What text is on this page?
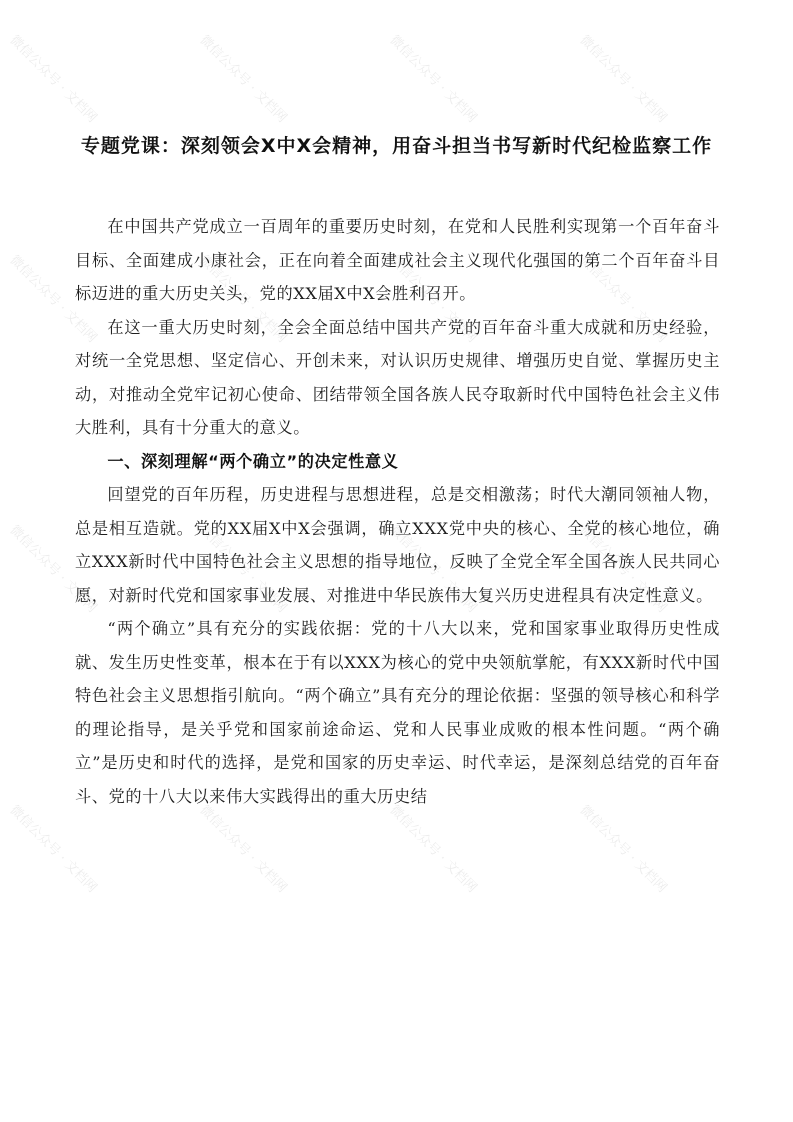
微信公众号 · 文档网	微信公众号 · 文档网	微信公众号 · 文档网	微信公众号 · 文档网
微信公众号 · 文档网	微信公众号 · 文档网	微信公众号 · 文档网	微信公众号 · 文档网
微信公众号 · 文档网	微信公众号 · 文档网	微信公众号 · 文档网	微信公众号 · 文档网
微信公众号 · 文档网	微信公众号 · 文档网	微信公众号 · 文档网	微信公众号 · 文档网
专题党课：深刻领会X中X会精神，用奋斗担当书写新时代纪检监察工作

在中国共产党成立一百周年的重要历史时刻，在党和人民胜利实现第一个百年奋斗目标、全面建成小康社会，正在向着全面建成社会主义现代化强国的第二个百年奋斗目标迈进的重大历史关头，党的XX届X中X会胜利召开。

在这一重大历史时刻，全会全面总结中国共产党的百年奋斗重大成就和历史经验，对统一全党思想、坚定信心、开创未来，对认识历史规律、增强历史自觉、掌握历史主动，对推动全党牢记初心使命、团结带领全国各族人民夺取新时代中国特色社会主义伟大胜利，具有十分重大的意义。

一、深刻理解“两个确立”的决定性意义

回望党的百年历程，历史进程与思想进程，总是交相激荡；时代大潮同领袖人物，总是相互造就。党的XX届X中X会强调，确立XXX党中央的核心、全党的核心地位，确立XXX新时代中国特色社会主义思想的指导地位，反映了全党全军全国各族人民共同心愿，对新时代党和国家事业发展、对推进中华民族伟大复兴历史进程具有决定性意义。

“两个确立”具有充分的实践依据：党的十八大以来，党和国家事业取得历史性成就、发生历史性变革，根本在于有以XXX为核心的党中央领航掌舵，有XXX新时代中国特色社会主义思想指引航向。“两个确立”具有充分的理论依据：坚强的领导核心和科学的理论指导，是关乎党和国家前途命运、党和人民事业成败的根本性问题。“两个确立”是历史和时代的选择，是党和国家的历史幸运、时代幸运，是深刻总结党的百年奋斗、党的十八大以来伟大实践得出的重大历史结
